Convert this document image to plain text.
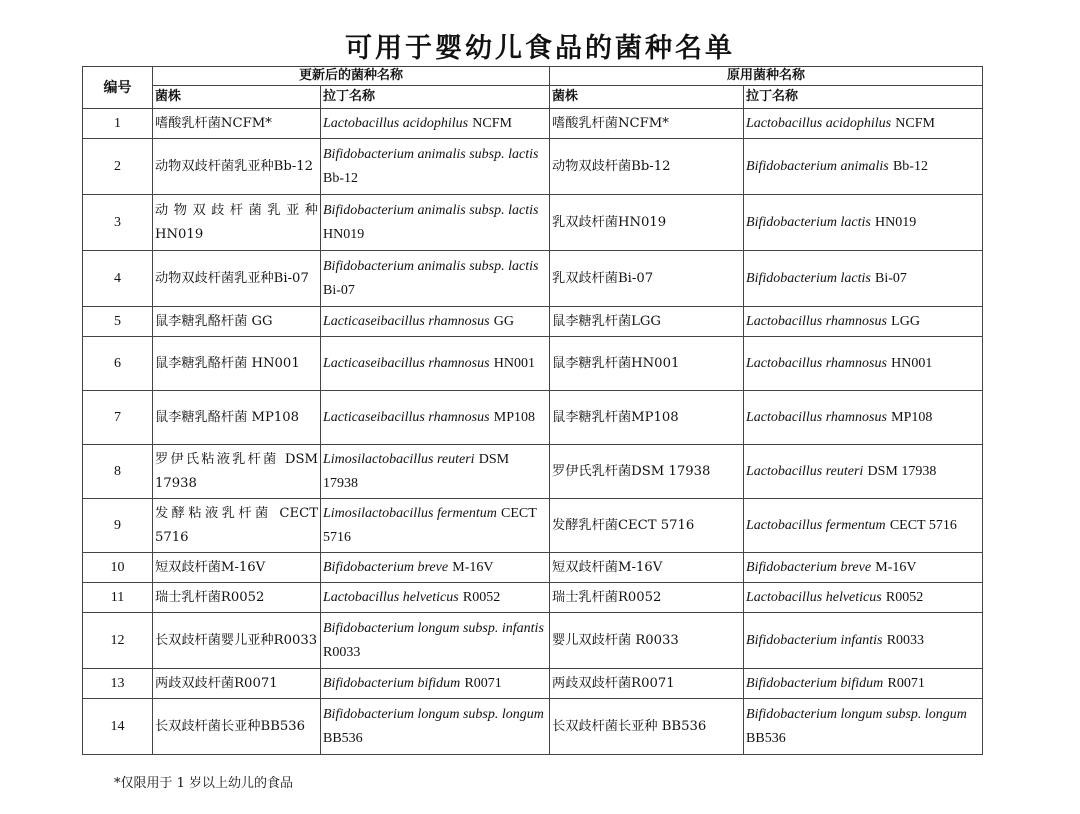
可用于婴幼儿食品的菌种名单
编号	更新后的菌种名称		原用菌种名称	
	菌株	拉丁名称	菌株	拉丁名称
1	嗜酸乳杆菌NCFM*	Lactobacillus acidophilus NCFM	嗜酸乳杆菌NCFM*	Lactobacillus acidophilus NCFM
2	动物双歧杆菌乳亚种Bb-12	Bifidobacterium animalis subsp. lactis Bb-12	动物双歧杆菌Bb-12	Bifidobacterium animalis Bb-12
3	动物双歧杆菌乳亚种HN019	Bifidobacterium animalis subsp. lactis HN019	乳双歧杆菌HN019	Bifidobacterium lactis HN019
4	动物双歧杆菌乳亚种Bi-07	Bifidobacterium animalis subsp. lactis Bi-07	乳双歧杆菌Bi-07	Bifidobacterium lactis Bi-07
5	鼠李糖乳酪杆菌 GG	Lacticaseibacillus rhamnosus GG	鼠李糖乳杆菌LGG	Lactobacillus rhamnosus LGG
6	鼠李糖乳酪杆菌 HN001	Lacticaseibacillus rhamnosus HN001	鼠李糖乳杆菌HN001	Lactobacillus rhamnosus HN001
7	鼠李糖乳酪杆菌 MP108	Lacticaseibacillus rhamnosus MP108	鼠李糖乳杆菌MP108	Lactobacillus rhamnosus MP108
8	罗伊氏粘液乳杆菌 DSM 17938	Limosilactobacillus reuteri DSM 17938	罗伊氏乳杆菌DSM 17938	Lactobacillus reuteri DSM 17938
9	发酵粘液乳杆菌 CECT 5716	Limosilactobacillus fermentum CECT 5716	发酵乳杆菌CECT 5716	Lactobacillus fermentum CECT 5716
10	短双歧杆菌M-16V	Bifidobacterium breve M-16V	短双歧杆菌M-16V	Bifidobacterium breve M-16V
11	瑞士乳杆菌R0052	Lactobacillus helveticus R0052	瑞士乳杆菌R0052	Lactobacillus helveticus R0052
12	长双歧杆菌婴儿亚种R0033	Bifidobacterium longum subsp. infantis R0033	婴儿双歧杆菌 R0033	Bifidobacterium infantis R0033
13	两歧双歧杆菌R0071	Bifidobacterium bifidum R0071	两歧双歧杆菌R0071	Bifidobacterium bifidum R0071
14	长双歧杆菌长亚种BB536	Bifidobacterium longum subsp. longum BB536	长双歧杆菌长亚种 BB536	Bifidobacterium longum subsp. longum BB536
*仅限用于 1 岁以上幼儿的食品
